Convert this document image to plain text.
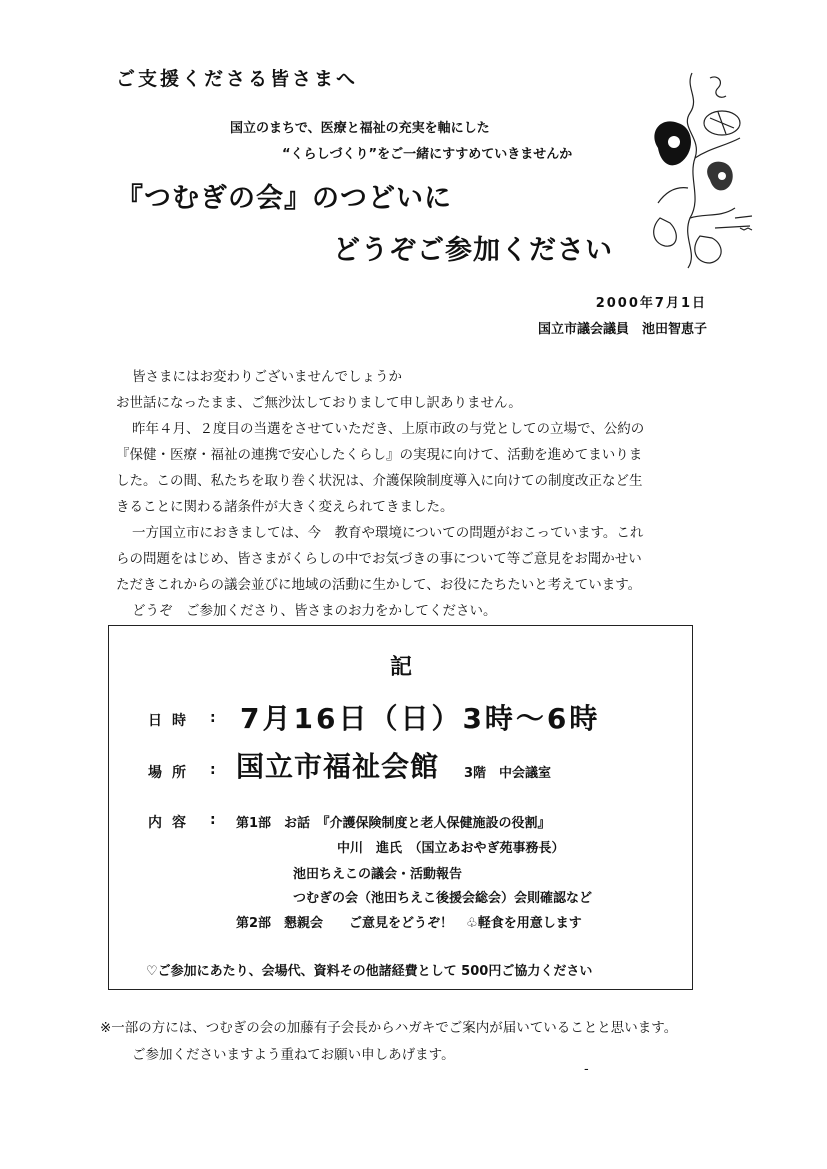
ご支援くださる皆さまへ
国立のまちで、医療と福祉の充実を軸にした
“くらしづくり”をご一緒にすすめていきませんか
『つむぎの会』のつどいに
どうぞご参加ください
2000年7月1日
国立市議会議員　池田智恵子

皆さまにはお変わりございませんでしょうか

お世話になったまま、ご無沙汰しておりまして申し訳ありません。

昨年４月、２度目の当選をさせていただき、上原市政の与党としての立場で、公約の

『保健・医療・福祉の連携で安心したくらし』の実現に向けて、活動を進めてまいりま

した。この間、私たちを取り巻く状況は、介護保険制度導入に向けての制度改正など生

きることに関わる諸条件が大きく変えられてきました。

一方国立市におきましては、今　教育や環境についての問題がおこっています。これ

らの問題をはじめ、皆さまがくらしの中でお気づきの事について等ご意見をお聞かせい

ただきこれからの議会並びに地域の活動に生かして、お役にたちたいと考えています。

どうぞ　ご参加くださり、皆さまのお力をかしてください。

記
日時 : 7月16日（日）3時～6時
場所 : 国立市福祉会館 3階　中会議室
内容 : 第1部　お話　『介護保険制度と老人保健施設の役割』
中川　進氏　（国立あおやぎ苑事務長）
池田ちえこの議会・活動報告
つむぎの会（池田ちえこ後援会総会）会則確認など
第2部　懇親会　　ご意見をどうぞ！　♧軽食を用意します
♡ご参加にあたり、会場代、資料その他諸経費として 500円ご協力ください
※一部の方には、つむぎの会の加藤有子会長からハガキでご案内が届いていることと思います。
ご参加くださいますよう重ねてお願い申しあげます。
-
